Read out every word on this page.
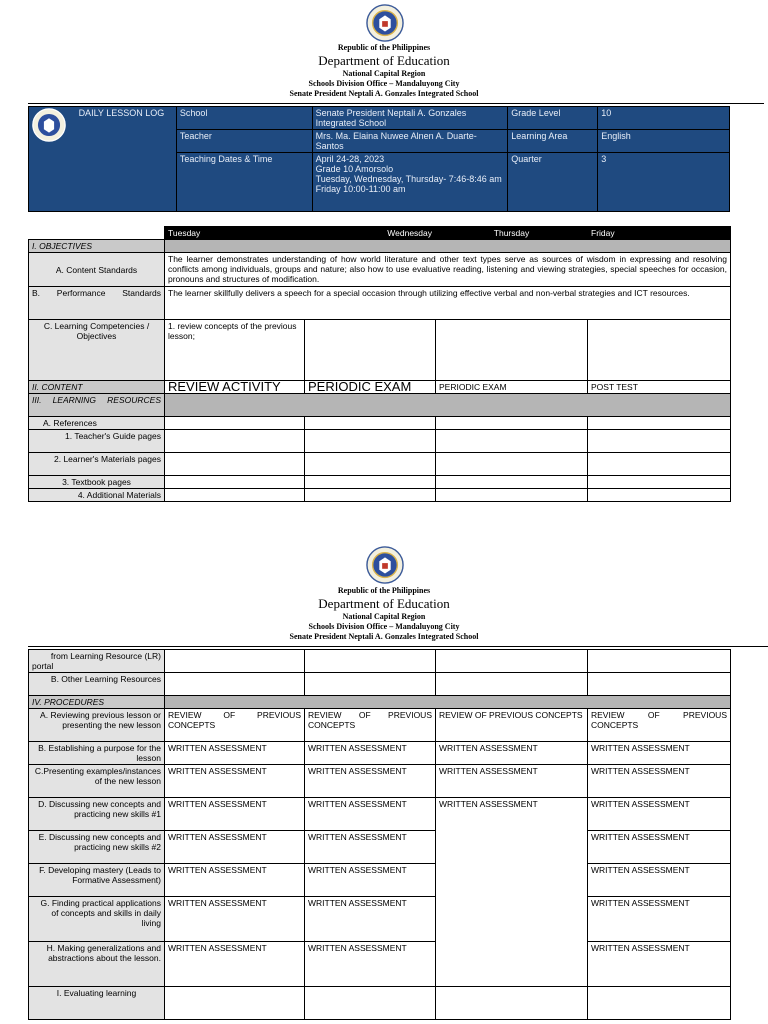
Republic of the Philippines
Department of Education
National Capital Region
Schools Division Office – Mandaluyong City
Senate President Neptali A. Gonzales Integrated School
DAILY LESSON LOG	School	Senate President Neptali A. Gonzales Integrated School	Grade Level	10
	Teacher	Mrs. Ma. Elaina Nuwee Alnen A. Duarte-Santos	Learning Area	English
	Teaching Dates & Time	April 24-28, 2023
Grade 10 Amorsolo
Tuesday, Wednesday, Thursday- 7:46-8:46 am
Friday 10:00-11:00 am	Quarter	3
	Tuesday	Wednesday	Thursday	Friday
I. OBJECTIVES				
A. Content Standards	The learner demonstrates understanding of how world literature and other text types serve as sources of wisdom in expressing and resolving conflicts among individuals, groups and nature; also how to use evaluative reading, listening and viewing strategies, special speeches for occasion, pronouns and structures of modification.			
B. Performance Standards	The learner skillfully delivers a speech for a special occasion through utilizing effective verbal and non-verbal strategies and ICT resources.			
C. Learning Competencies / Objectives	1. review concepts of the previous lesson;			
II. CONTENT	REVIEW ACTIVITY	PERIODIC EXAM	PERIODIC EXAM	POST TEST
III. LEARNING RESOURCES				
A. References				
1. Teacher's Guide pages				
2. Learner's Materials pages				
3. Textbook pages				
4. Additional Materials				
Republic of the Philippines
Department of Education
National Capital Region
Schools Division Office – Mandaluyong City
Senate President Neptali A. Gonzales Integrated School
from Learning Resource (LR) portal					
B. Other Learning Resources					
IV. PROCEDURES					
A. Reviewing previous lesson or presenting the new lesson	REVIEW OF PREVIOUS CONCEPTS	REVIEW OF PREVIOUS CONCEPTS	REVIEW OF PREVIOUS CONCEPTS	REVIEW OF PREVIOUS CONCEPTS	
B. Establishing a purpose for the lesson	WRITTEN ASSESSMENT	WRITTEN ASSESSMENT	WRITTEN ASSESSMENT	WRITTEN ASSESSMENT	
C.Presenting examples/instances of the new lesson	WRITTEN ASSESSMENT	WRITTEN ASSESSMENT	WRITTEN ASSESSMENT	WRITTEN ASSESSMENT	
D. Discussing new concepts and practicing new skills #1	WRITTEN ASSESSMENT	WRITTEN ASSESSMENT	WRITTEN ASSESSMENT	WRITTEN ASSESSMENT	
E. Discussing new concepts and practicing new skills #2	WRITTEN ASSESSMENT	WRITTEN ASSESSMENT		WRITTEN ASSESSMENT	
F. Developing mastery (Leads to Formative Assessment)	WRITTEN ASSESSMENT	WRITTEN ASSESSMENT		WRITTEN ASSESSMENT	
G. Finding practical applications of concepts and skills in daily living	WRITTEN ASSESSMENT	WRITTEN ASSESSMENT		WRITTEN ASSESSMENT	
H. Making generalizations and abstractions about the lesson.	WRITTEN ASSESSMENT	WRITTEN ASSESSMENT		WRITTEN ASSESSMENT	
I. Evaluating learning					
